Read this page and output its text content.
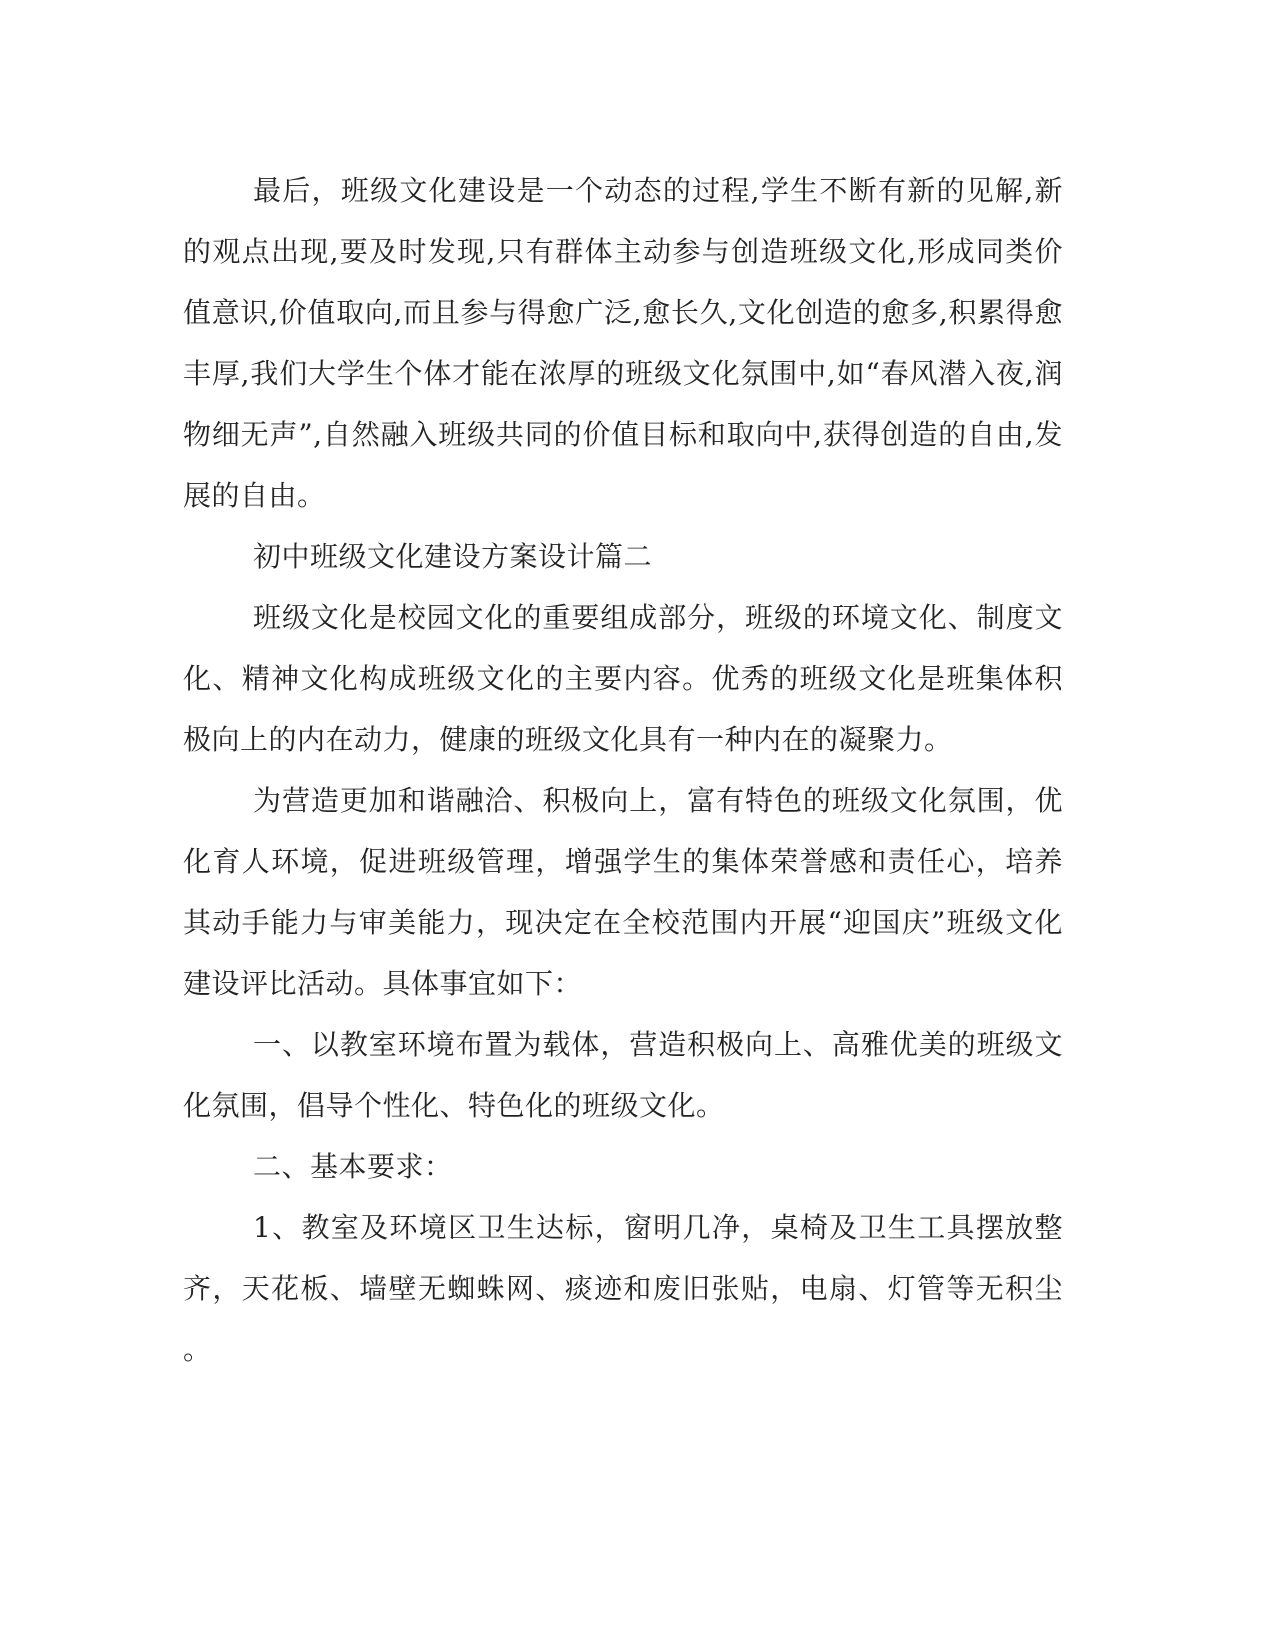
最后，班级文化建设是一个动态的过程,学生不断有新的见解,新的观点出现,要及时发现,只有群体主动参与创造班级文化,形成同类价值意识,价值取向,而且参与得愈广泛,愈长久,文化创造的愈多,积累得愈丰厚,我们大学生个体才能在浓厚的班级文化氛围中,如“春风潜入夜,润物细无声”,自然融入班级共同的价值目标和取向中,获得创造的自由,发展的自由。

初中班级文化建设方案设计篇二

班级文化是校园文化的重要组成部分，班级的环境文化、制度文化、精神文化构成班级文化的主要内容。优秀的班级文化是班集体积极向上的内在动力，健康的班级文化具有一种内在的凝聚力。

为营造更加和谐融洽、积极向上，富有特色的班级文化氛围，优化育人环境，促进班级管理，增强学生的集体荣誉感和责任心，培养其动手能力与审美能力，现决定在全校范围内开展“迎国庆”班级文化建设评比活动。具体事宜如下：

一、以教室环境布置为载体，营造积极向上、高雅优美的班级文化氛围，倡导个性化、特色化的班级文化。

二、基本要求：

1、教室及环境区卫生达标，窗明几净，桌椅及卫生工具摆放整齐，天花板、墙壁无蜘蛛网、痰迹和废旧张贴，电扇、灯管等无积尘。
